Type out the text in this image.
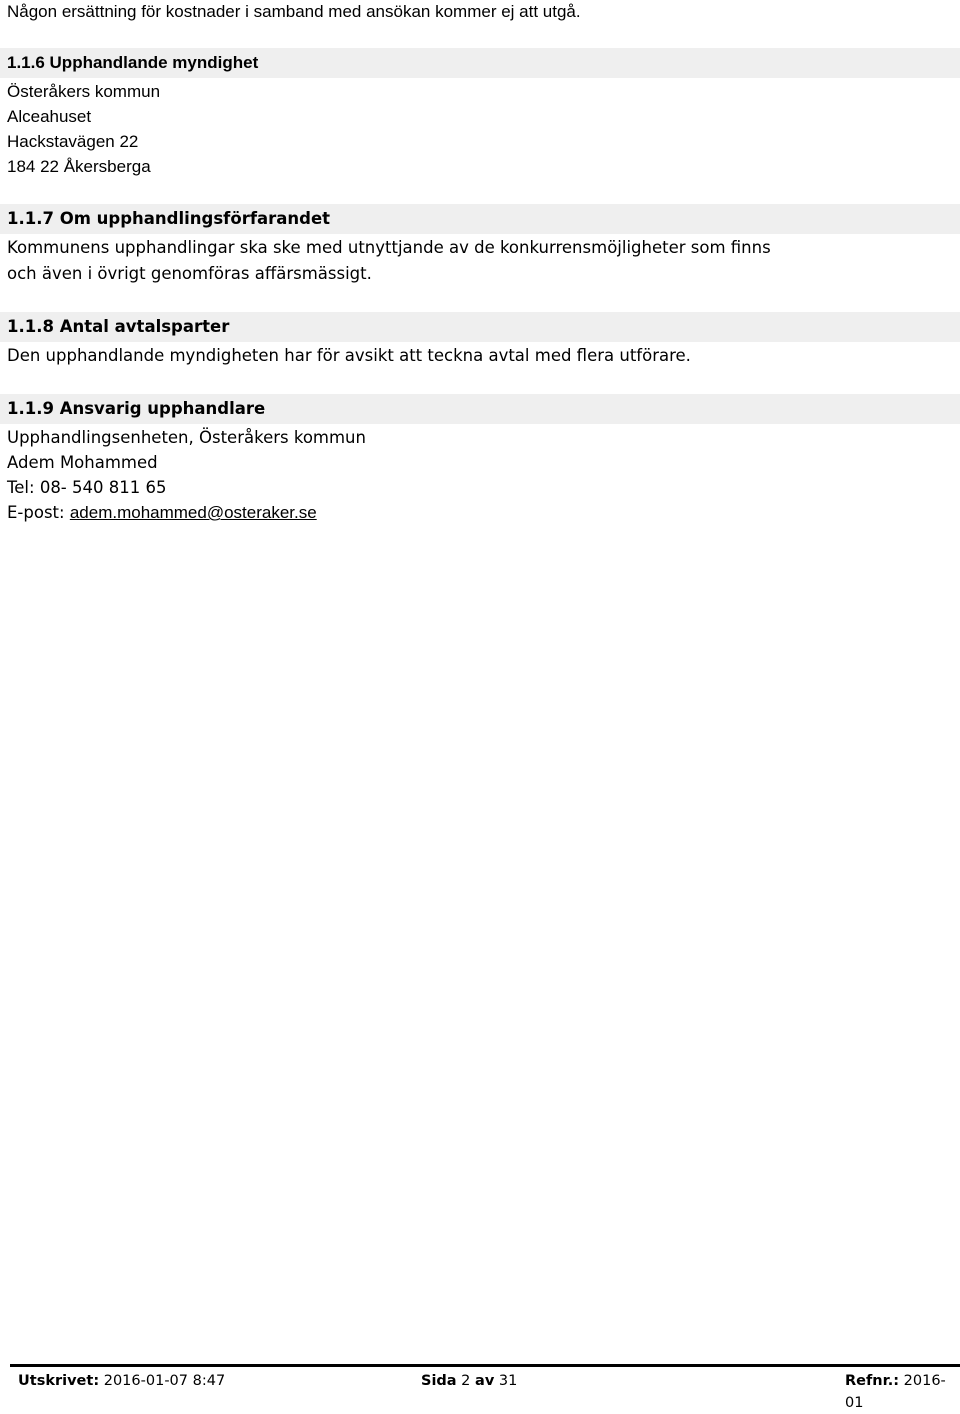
Någon ersättning för kostnader i samband med ansökan kommer ej att utgå.
1.1.6 Upphandlande myndighet
Österåkers kommun
Alceahuset
Hackstavägen 22
184 22 Åkersberga
1.1.7 Om upphandlingsförfarandet
Kommunens upphandlingar ska ske med utnyttjande av de konkurrensmöjligheter som finns
och även i övrigt genomföras affärsmässigt.
1.1.8 Antal avtalsparter
Den upphandlande myndigheten har för avsikt att teckna avtal med flera utförare.
1.1.9 Ansvarig upphandlare
Upphandlingsenheten, Österåkers kommun
Adem Mohammed
Tel: 08- 540 811 65
E-post: adem.mohammed@osteraker.se
Utskrivet: 2016-01-07 8:47	Sida 2 av 31	Refnr.: 2016-01
